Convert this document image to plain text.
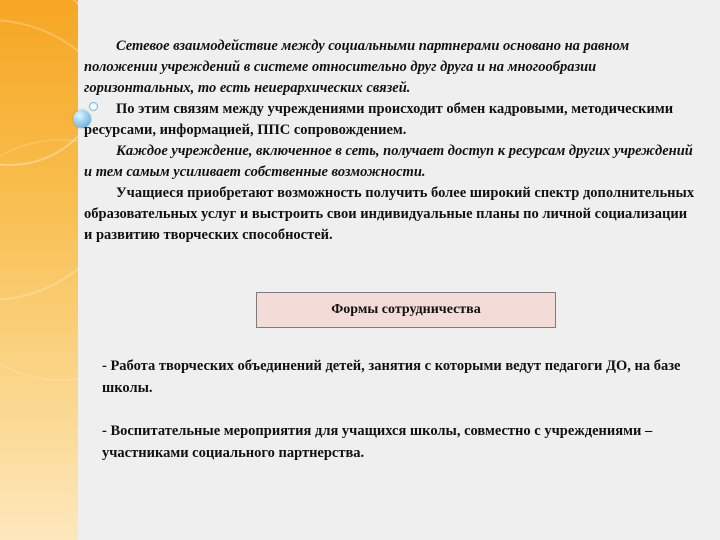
Сетевое взаимодействие между социальными партнерами основано на равном положении учреждений в системе относительно друг друга и на многообразии горизонтальных, то есть неиерархических связей.

По этим связям между учреждениями происходит обмен кадровыми, методическими ресурсами, информацией, ППС сопровождением.

Каждое учреждение, включенное в сеть, получает доступ к ресурсам других учреждений и тем самым усиливает собственные возможности.

Учащиеся приобретают возможность получить более широкий спектр дополнительных образовательных услуг и выстроить свои индивидуальные планы по личной социализации и развитию творческих способностей.

Формы сотрудничества

- Работа творческих объединений детей, занятия с которыми ведут педагоги ДО, на базе школы.

- Воспитательные мероприятия для учащихся школы, совместно с учреждениями –участниками социального партнерства.
